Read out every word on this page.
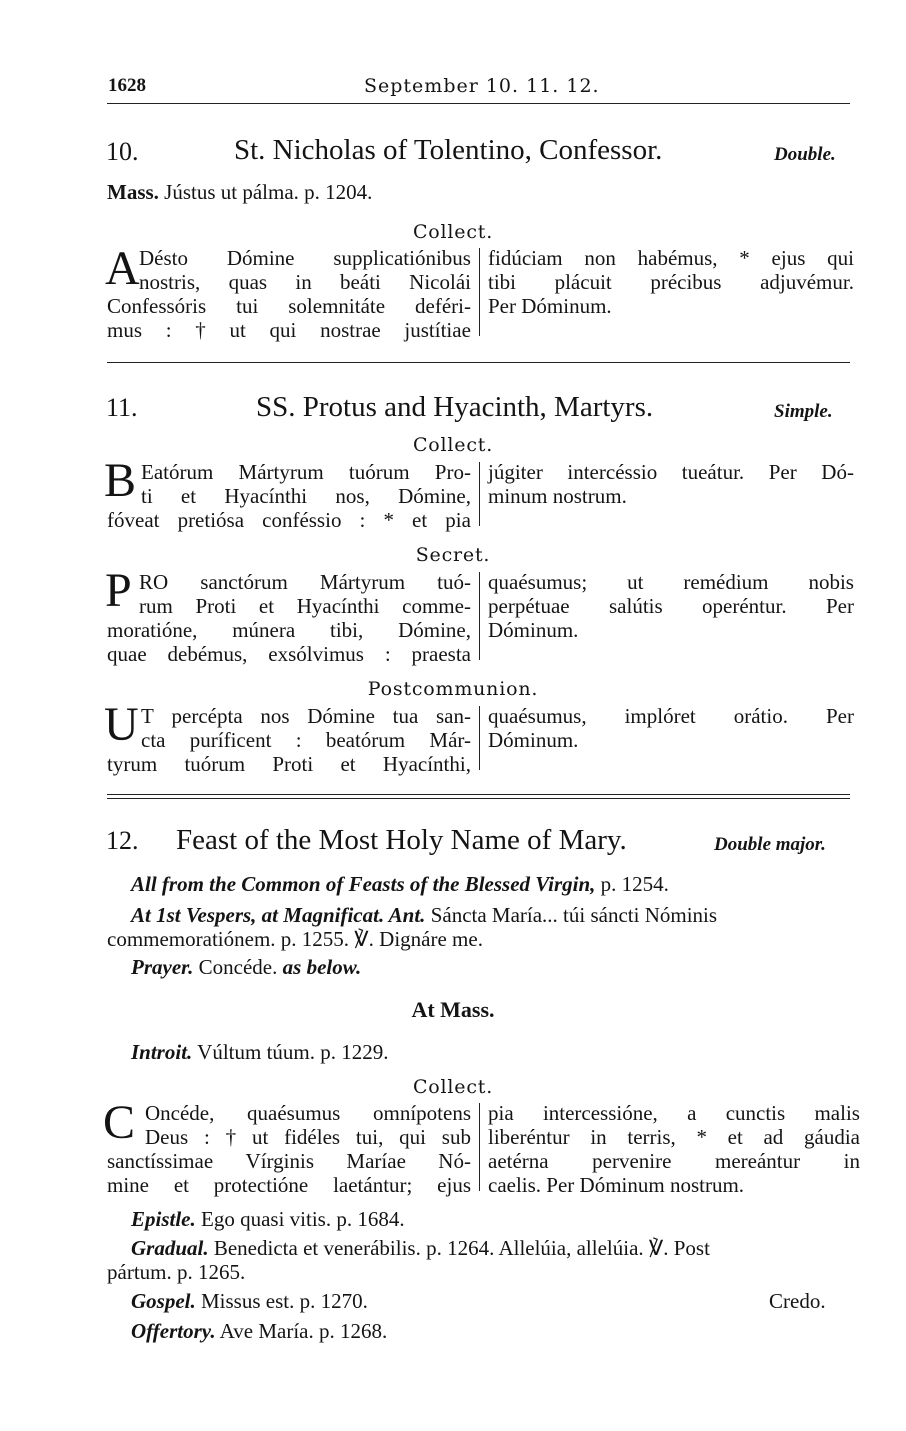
1628	September 10. 11. 12.
10.	St. Nicholas of Tolentino, Confessor.	Double.
Mass. Jústus ut pálma. p. 1204.
Collect.
A Désto Dómine supplicatiónibus
nostris, quas in beáti Nicolái
Confessóris tui solemnitáte deféri-
mus : † ut qui nostrae justítiae
fidúciam non habémus, * ejus qui
tibi plácuit précibus adjuvémur.
Per Dóminum.
11.	SS. Protus and Hyacinth, Martyrs.	Simple.
Collect.
B Eatórum Mártyrum tuórum Pro-
ti et Hyacínthi nos, Dómine,
fóveat pretiósa conféssio : * et pia
júgiter intercéssio tueátur. Per Dó-
minum nostrum.
Secret.
P RO sanctórum Mártyrum tuó-
rum Proti et Hyacínthi comme-
moratióne, múnera tibi, Dómine,
quae debémus, exsólvimus : praesta
quaésumus; ut remédium nobis
perpétuae salútis operéntur. Per
Dóminum.
Postcommunion.
U T percépta nos Dómine tua san-
cta puríficent : beatórum Már-
tyrum tuórum Proti et Hyacínthi,
quaésumus, implóret orátio. Per
Dóminum.
12. Feast of the Most Holy Name of Mary.	Double major.
All from the Common of Feasts of the Blessed Virgin, p. 1254.
At 1st Vespers, at Magnificat. Ant. Sáncta María... túi sáncti Nóminis
commemoratiónem. p. 1255. ℣. Dignáre me.
Prayer. Concéde. as below.
At Mass.
Introit. Vúltum túum. p. 1229.
Collect.
C Oncéde, quaésumus omnípotens
Deus : † ut fidéles tui, qui sub
sanctíssimae Vírginis Maríae Nó-
mine et protectióne laetántur; ejus
pia intercessióne, a cunctis malis
liberéntur in terris, * et ad gáudia
aetérna pervenire mereántur in
caelis. Per Dóminum nostrum.
Epistle. Ego quasi vitis. p. 1684.
Gradual. Benedicta et venerábilis. p. 1264. Allelúia, allelúia. ℣. Post
pártum. p. 1265.
Gospel. Missus est. p. 1270.	Credo.
Offertory. Ave María. p. 1268.
